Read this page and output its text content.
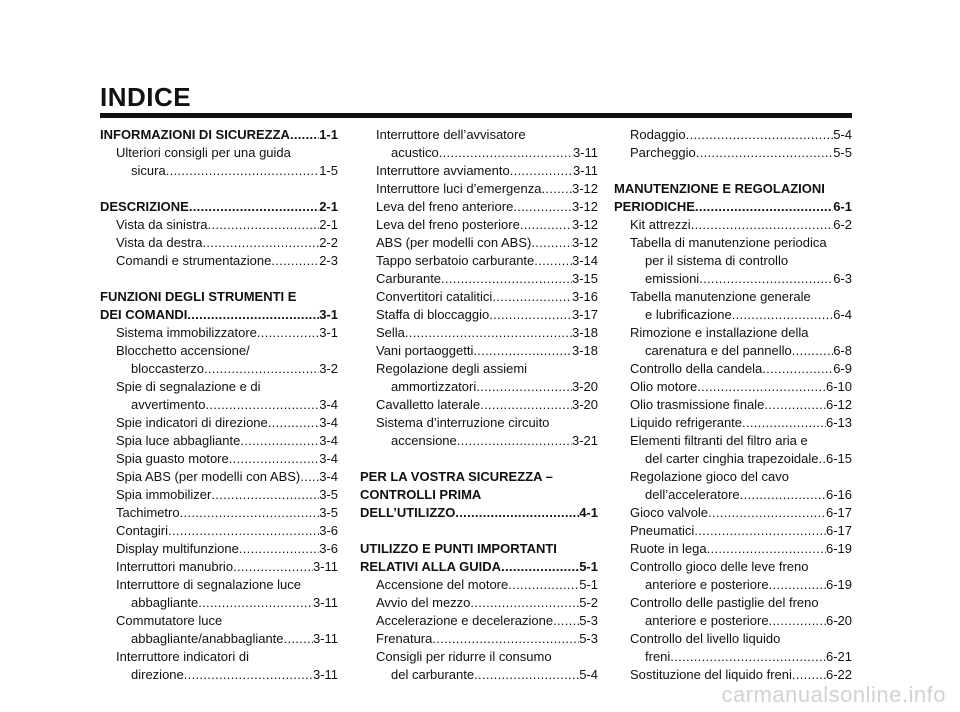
INDICE
INFORMAZIONI DI SICUREZZA ..... 1-1
Ulteriori consigli per una guida
sicura .....	1-5
DESCRIZIONE .....	2-1
Vista da sinistra .....	2-1
Vista da destra .....	2-2
Comandi e strumentazione .....	2-3
FUNZIONI DEGLI STRUMENTI E
DEI COMANDI .....	3-1
Sistema immobilizzatore .....	3-1
Blocchetto accensione/
bloccasterzo .....	3-2
Spie di segnalazione e di
avvertimento .....	3-4
Spie indicatori di direzione .....	3-4
Spia luce abbagliante .....	3-4
Spia guasto motore .....	3-4
Spia ABS (per modelli con ABS) ..... 3-4
Spia immobilizer .....	3-5
Tachimetro .....	3-5
Contagiri .....	3-6
Display multifunzione .....	3-6
Interruttori manubrio .....	3-11
Interruttore di segnalazione luce
abbagliante .....	3-11
Commutatore luce
abbagliante/anabbagliante ..... 3-11
Interruttore indicatori di
direzione .....	3-11
Interruttore dell’avvisatore
acustico .....	3-11
Interruttore avviamento .....	3-11
Interruttore luci d’emergenza ..... 3-12
Leva del freno anteriore .....	3-12
Leva del freno posteriore .....	3-12
ABS (per modelli con ABS) .....	3-12
Tappo serbatoio carburante .....	3-14
Carburante .....	3-15
Convertitori catalitici .....	3-16
Staffa di bloccaggio .....	3-17
Sella .....	3-18
Vani portaoggetti .....	3-18
Regolazione degli assiemi
ammortizzatori .....	3-20
Cavalletto laterale .....	3-20
Sistema d’interruzione circuito
accensione .....	3-21
PER LA VOSTRA SICUREZZA –
CONTROLLI PRIMA
DELL’UTILIZZO .....	4-1
UTILIZZO E PUNTI IMPORTANTI
RELATIVI ALLA GUIDA .....	5-1
Accensione del motore .....	5-1
Avvio del mezzo .....	5-2
Accelerazione e decelerazione ..... 5-3
Frenatura .....	5-3
Consigli per ridurre il consumo
del carburante .....	5-4
Rodaggio .....	5-4
Parcheggio .....	5-5
MANUTENZIONE E REGOLAZIONI
PERIODICHE .....	6-1
Kit attrezzi .....	6-2
Tabella di manutenzione periodica
per il sistema di controllo
emissioni .....	6-3
Tabella manutenzione generale
e lubrificazione .....	6-4
Rimozione e installazione della
carenatura e del pannello .....	6-8
Controllo della candela .....	6-9
Olio motore .....	6-10
Olio trasmissione finale .....	6-12
Liquido refrigerante .....	6-13
Elementi filtranti del filtro aria e
del carter cinghia trapezoidale ..... 6-15
Regolazione gioco del cavo
dell’acceleratore .....	6-16
Gioco valvole .....	6-17
Pneumatici .....	6-17
Ruote in lega .....	6-19
Controllo gioco delle leve freno
anteriore e posteriore .....	6-19
Controllo delle pastiglie del freno
anteriore e posteriore .....	6-20
Controllo del livello liquido
freni .....	6-21
Sostituzione del liquido freni .....	6-22
carmanualsonline.info
